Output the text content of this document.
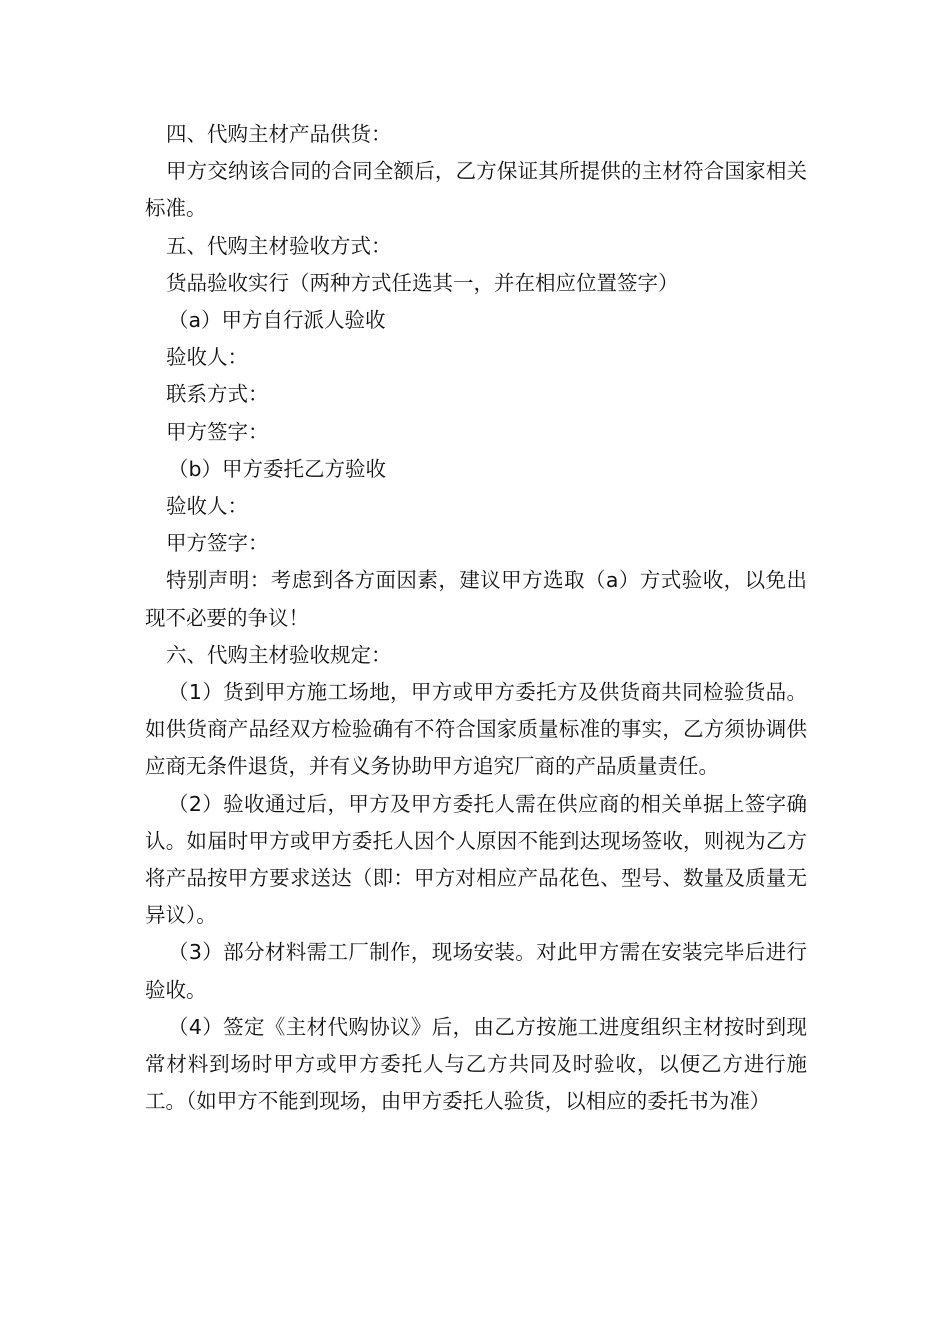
四、代购主材产品供货：

甲方交纳该合同的合同全额后，乙方保证其所提供的主材符合国家相关标准。

五、代购主材验收方式：

货品验收实行（两种方式任选其一，并在相应位置签字）

（a）甲方自行派人验收

验收人：

联系方式：

甲方签字：

（b）甲方委托乙方验收

验收人：

甲方签字：

特别声明：考虑到各方面因素，建议甲方选取（a）方式验收，以免出现不必要的争议！

六、代购主材验收规定：

（1）货到甲方施工场地，甲方或甲方委托方及供货商共同检验货品。如供货商产品经双方检验确有不符合国家质量标准的事实，乙方须协调供应商无条件退货，并有义务协助甲方追究厂商的产品质量责任。

（2）验收通过后，甲方及甲方委托人需在供应商的相关单据上签字确认。如届时甲方或甲方委托人因个人原因不能到达现场签收，则视为乙方将产品按甲方要求送达（即：甲方对相应产品花色、型号、数量及质量无异议）。

（3）部分材料需工厂制作，现场安装。对此甲方需在安装完毕后进行验收。

（4）签定《主材代购协议》后，由乙方按施工进度组织主材按时到现常材料到场时甲方或甲方委托人与乙方共同及时验收，以便乙方进行施工。（如甲方不能到现场，由甲方委托人验货，以相应的委托书为准）
